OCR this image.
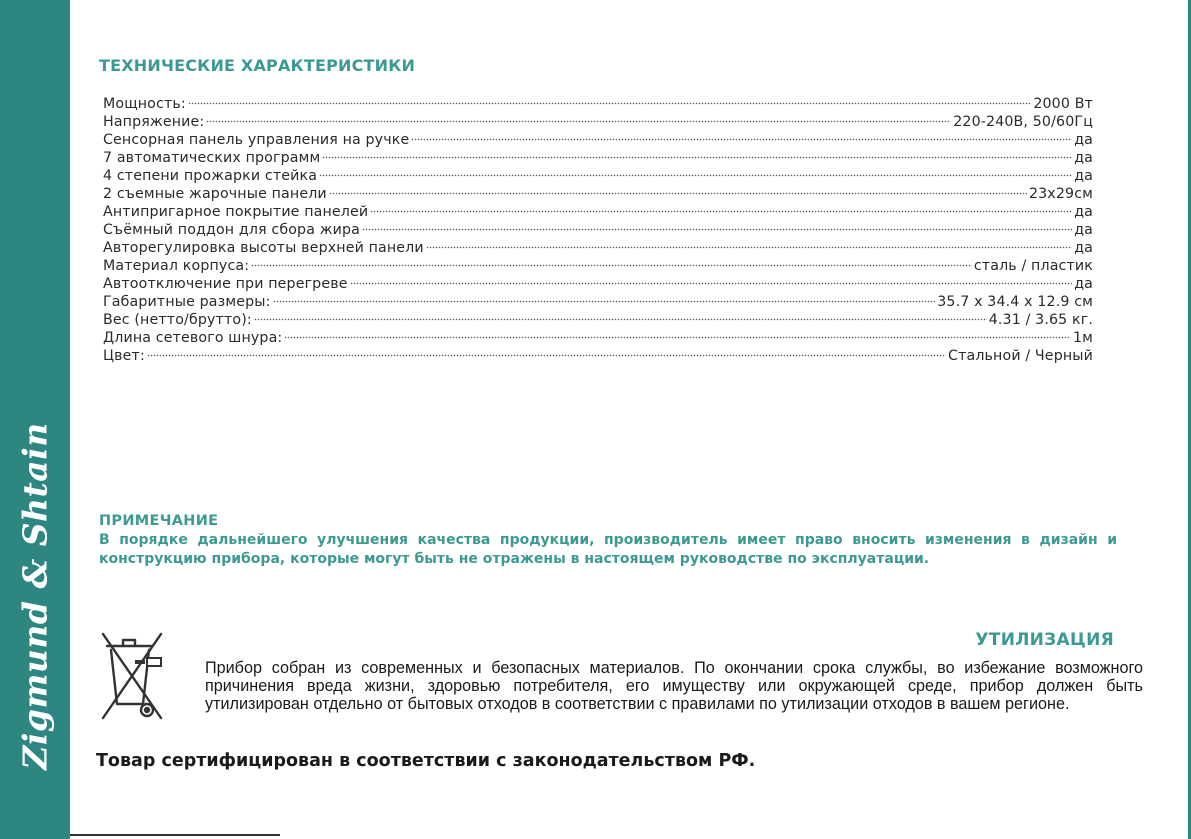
Zigmund & Shtain
ТЕХНИЧЕСКИЕ ХАРАКТЕРИСТИКИ
Мощность:	2000 Вт
Напряжение:	220-240В, 50/60Гц
Сенсорная панель управления на ручке	да
7 автоматических программ	да
4 степени прожарки стейка	да
2 съемные жарочные панели	23х29см
Антипригарное покрытие панелей	да
Съёмный поддон для сбора жира	да
Авторегулировка высоты верхней панели	да
Материал корпуса:	сталь / пластик
Автоотключение при перегреве	да
Габаритные размеры:	35.7 х 34.4 х 12.9 см
Вес (нетто/брутто):	4.31 / 3.65 кг.
Длина сетевого шнура:	1м
Цвет:	Стальной / Черный
ПРИМЕЧАНИЕ

В порядке дальнейшего улучшения качества продукции, производитель имеет право вносить изменения в дизайн и конструкцию прибора, которые могут быть не отражены в настоящем руководстве по эксплуатации.

УТИЛИЗАЦИЯ

Прибор собран из современных и безопасных материалов. По окончании срока службы, во избежание возможного причинения вреда жизни, здоровью потребителя, его имуществу или окружающей среде, прибор должен быть утилизирован отдельно от бытовых отходов в соответствии с правилами по утилизации отходов в вашем регионе.

Товар сертифицирован в соответствии с законодательством РФ.
